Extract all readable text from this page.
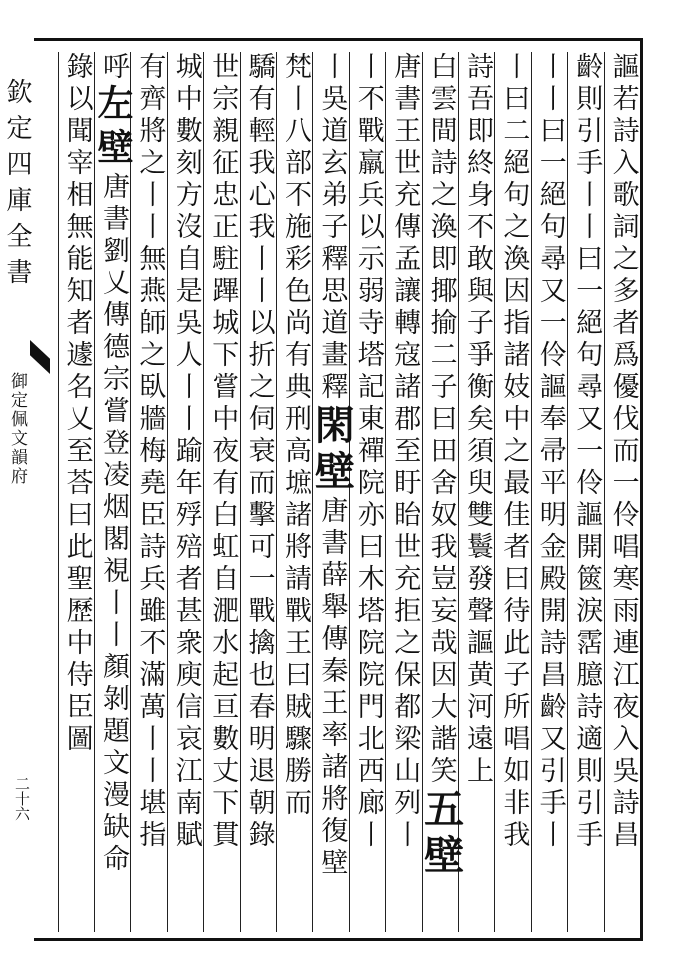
欽定四庫全書
御定佩文韻府
二十六	謳若詩入歌詞之多者爲優伐而一伶唱寒雨連江夜入吳詩昌
齡則引手丨丨曰一絕句尋又一伶謳開篋淚霑臆詩適則引手
丨丨曰一絕句尋又一伶謳奉帚平明金殿開詩昌齡又引手丨
丨曰二絕句之渙因指諸妓中之最佳者曰待此子所唱如非我
詩吾即終身不敢與子爭衡矣須臾雙鬟發聲謳黄河遠上
白雲間詩之渙即揶揄二子曰田舍奴我豈妄哉因大諧笑五壁
唐書王世充傳孟讓轉寇諸郡至盱眙世充拒之保都梁山列丨
丨不戰羸兵以示弱寺塔記東禪院亦曰木塔院院門北西廊丨
丨吳道玄弟子釋思道畫釋閑壁唐書薛舉傳秦王率諸將復壁
梵丨八部不施彩色尚有典刑高墌諸將請戰王曰賊驟勝而
驕有輕我心我丨丨以折之伺衰而擊可一戰擒也春明退朝錄
世宗親征忠正駐蹕城下嘗中夜有白虹自淝水起亘數丈下貫
城中數刻方沒自是吳人丨丨踰年殍殕者甚衆庾信哀江南賦
有齊將之丨丨無燕師之臥牆梅堯臣詩兵雖不滿萬丨丨堪指
呼左壁唐書劉乂傳德宗嘗登凌烟閣視丨丨顏剝題文漫缺命
錄以聞宰相無能知者遽名乂至荅曰此聖歷中侍臣圖
